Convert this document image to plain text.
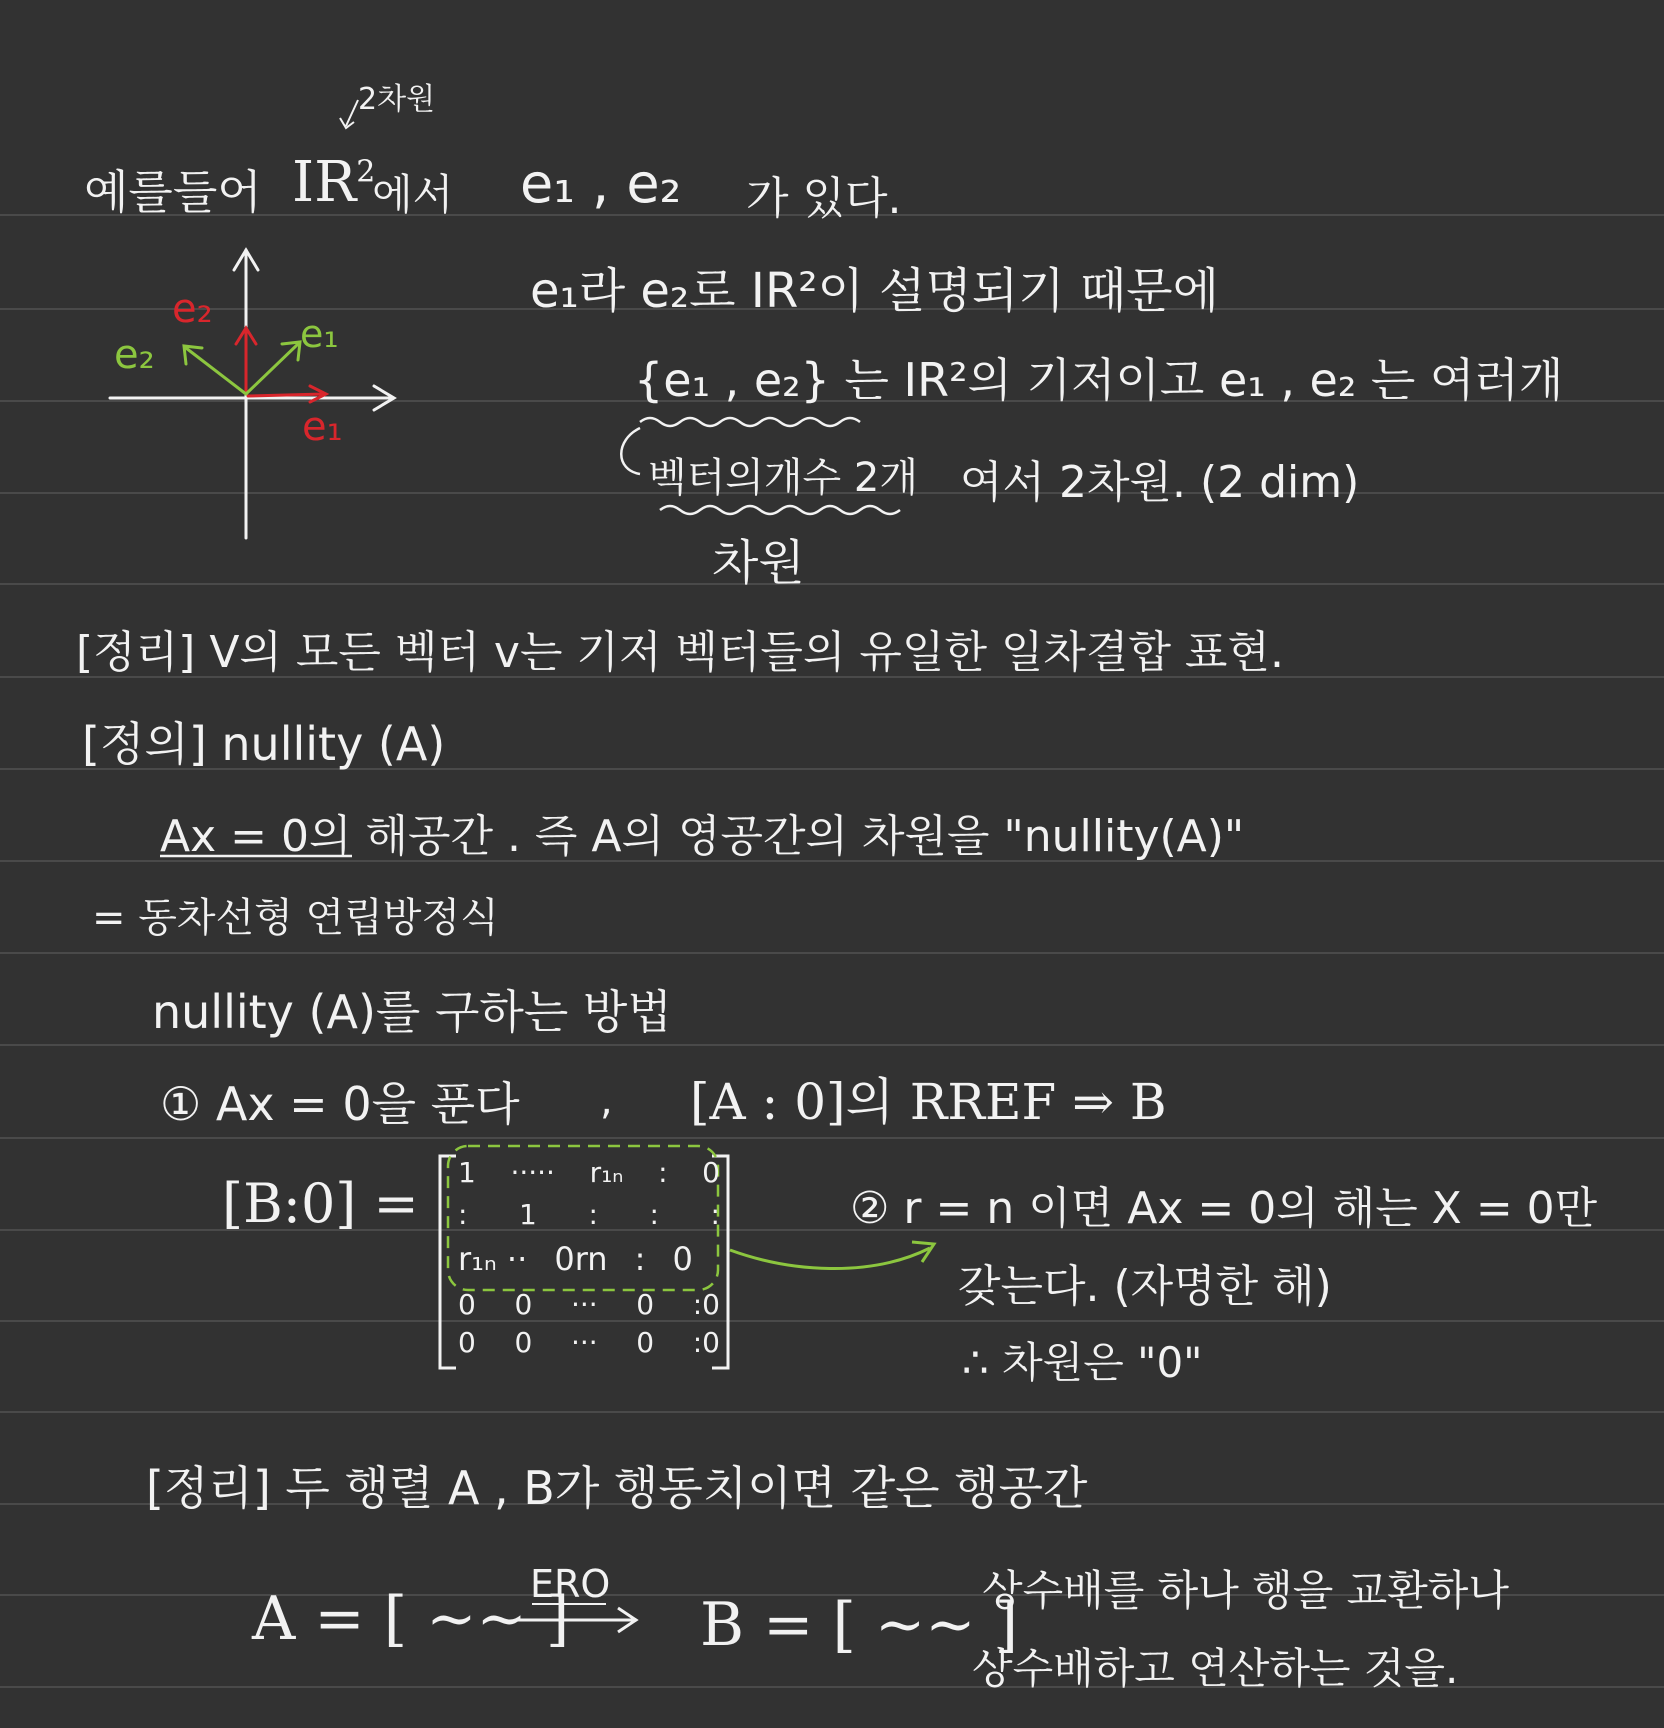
e₂
e₁
e₂	e₁
2차원
예를들어 $IR^2$
에서 e₁ , e₂ 가 있다.
e₁라 e₂로 IR²이 설명되기 때문에
{e₁ , e₂} 는 IR²의 기저이고 e₁ , e₂ 는 여러개
벡터의개수 2개 여서 2차원. (2 dim)
차원
[정리] V의 모든 벡터 v는 기저 벡터들의 유일한 일차결합 표현.
[정의] nullity (A)
Ax = 0의 해공간 . 즉 A의 영공간의 차원을 "nullity(A)"
= 동차선형 연립방정식
nullity (A)를 구하는 방법
① Ax = 0을 푼다 , [A : 0]의 RREF ⇒ B
[B:0] = 1 ····· r₁ₙ : 0
: 1 : : :
r₁ₙ ·· 0rn : 0
0 0 ··· 0 :0
0 0 ··· 0 :0
② r = n 이면 Ax = 0의 해는 X = 0만
갖는다. (자명한 해)
∴ 차원은 "0"
[정리] 두 행렬 A , B가 행동치이면 같은 행공간
A = [ ~~ ]
ERO
B = [ ~~ ]
상수배를 하나 행을 교환하나
상수배하고 연산하는 것을.
